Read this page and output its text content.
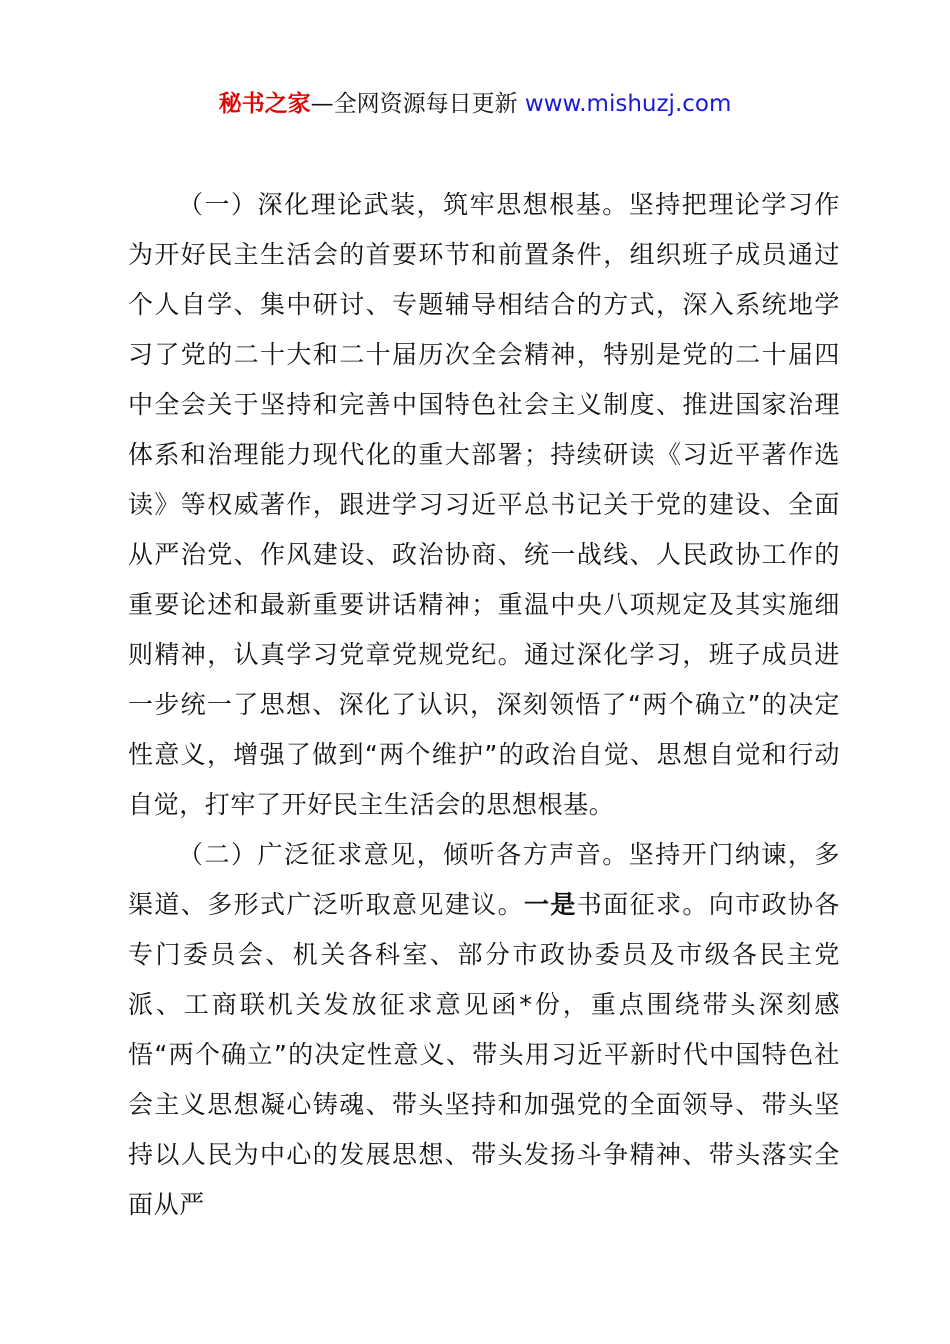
秘书之家—全网资源每日更新 www.mishuzj.com

（一）深化理论武装，筑牢思想根基。坚持把理论学习作为开好民主生活会的首要环节和前置条件，组织班子成员通过个人自学、集中研讨、专题辅导相结合的方式，深入系统地学习了党的二十大和二十届历次全会精神，特别是党的二十届四中全会关于坚持和完善中国特色社会主义制度、推进国家治理体系和治理能力现代化的重大部署；持续研读《习近平著作选读》等权威著作，跟进学习习近平总书记关于党的建设、全面从严治党、作风建设、政治协商、统一战线、人民政协工作的重要论述和最新重要讲话精神；重温中央八项规定及其实施细则精神，认真学习党章党规党纪。通过深化学习，班子成员进一步统一了思想、深化了认识，深刻领悟了“两个确立”的决定性意义，增强了做到“两个维护”的政治自觉、思想自觉和行动自觉，打牢了开好民主生活会的思想根基。

（二）广泛征求意见，倾听各方声音。坚持开门纳谏，多渠道、多形式广泛听取意见建议。一是书面征求。向市政协各专门委员会、机关各科室、部分市政协委员及市级各民主党派、工商联机关发放征求意见函*份，重点围绕带头深刻感悟“两个确立”的决定性意义、带头用习近平新时代中国特色社会主义思想凝心铸魂、带头坚持和加强党的全面领导、带头坚持以人民为中心的发展思想、带头发扬斗争精神、带头落实全面从严
